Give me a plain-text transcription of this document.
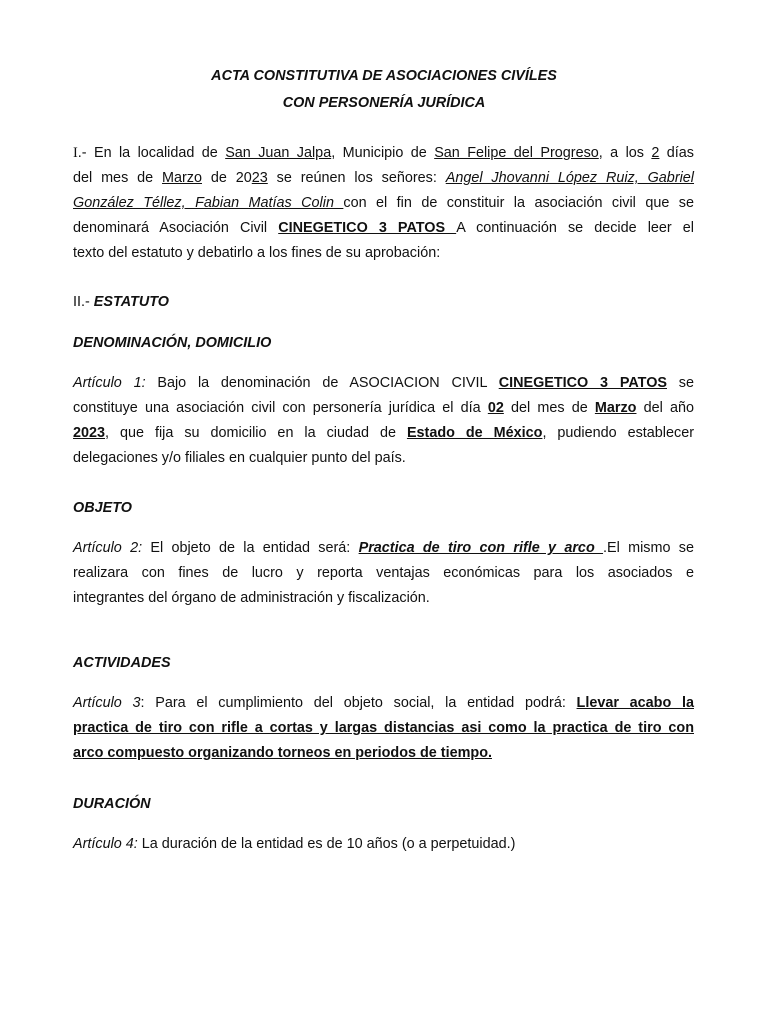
ACTA CONSTITUTIVA DE ASOCIACIONES CIVÍLES
CON PERSONERÍA JURÍDICA
I.- En la localidad de San Juan Jalpa, Municipio de San Felipe del Progreso, a los 2 días
del mes de Marzo de 2023 se reúnen los señores: Angel Jhovanni López Ruiz, Gabriel
González Téllez, Fabian Matías Colin con el fin de constituir la asociación civil que se
denominará Asociación Civil CINEGETICO 3 PATOS A continuación se decide leer el
texto del estatuto y debatirlo a los fines de su aprobación:
II.- ESTATUTO
DENOMINACIÓN, DOMICILIO
Artículo 1: Bajo la denominación de ASOCIACION CIVIL CINEGETICO 3 PATOS se
constituye una asociación civil con personería jurídica el día 02 del mes de Marzo del año
2023, que fija su domicilio en la ciudad de Estado de México, pudiendo establecer
delegaciones y/o filiales en cualquier punto del país.
OBJETO
Artículo 2: El objeto de la entidad será: Practica de tiro con rifle y arco .El mismo se
realizara con fines de lucro y reporta ventajas económicas para los asociados e
integrantes del órgano de administración y fiscalización.
ACTIVIDADES
Artículo 3: Para el cumplimiento del objeto social, la entidad podrá: Llevar acabo la
practica de tiro con rifle a cortas y largas distancias asi como la practica de tiro con
arco compuesto organizando torneos en periodos de tiempo.
DURACIÓN
Artículo 4: La duración de la entidad es de 10 años (o a perpetuidad.)
